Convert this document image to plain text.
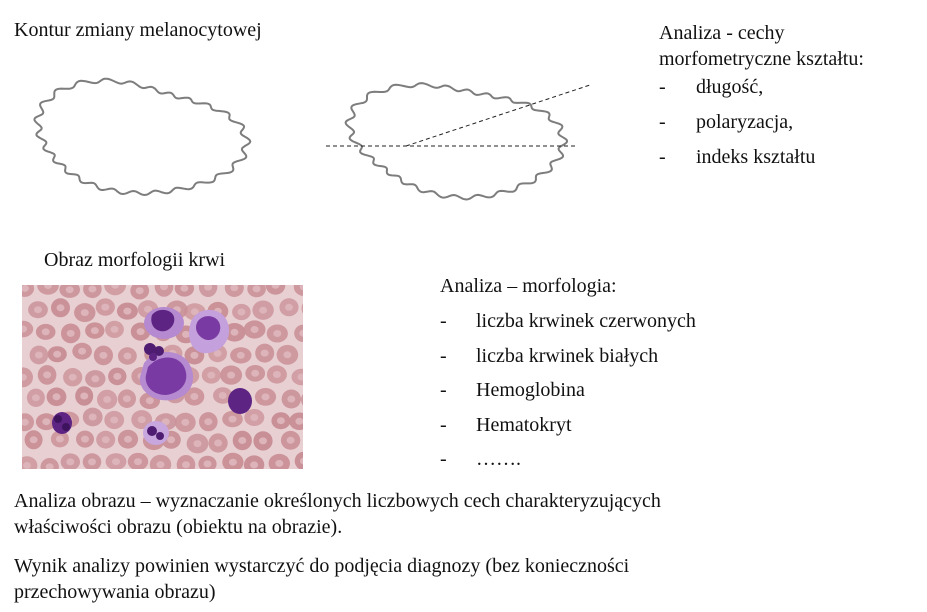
Kontur zmiany melanocytowej	Analiza - cechy
morfometryczne kształtu:
- długość,
- polaryzacja,
- indeks kształtu
Obraz morfologii krwi
Analiza – morfologia:
- liczba krwinek czerwonych
- liczba krwinek białych
- Hemoglobina
- Hematokryt
- …….
Analiza obrazu – wyznaczanie określonych liczbowych cech charakteryzujących
właściwości obrazu (obiektu na obrazie).
Wynik analizy powinien wystarczyć do podjęcia diagnozy (bez konieczności
przechowywania obrazu)
